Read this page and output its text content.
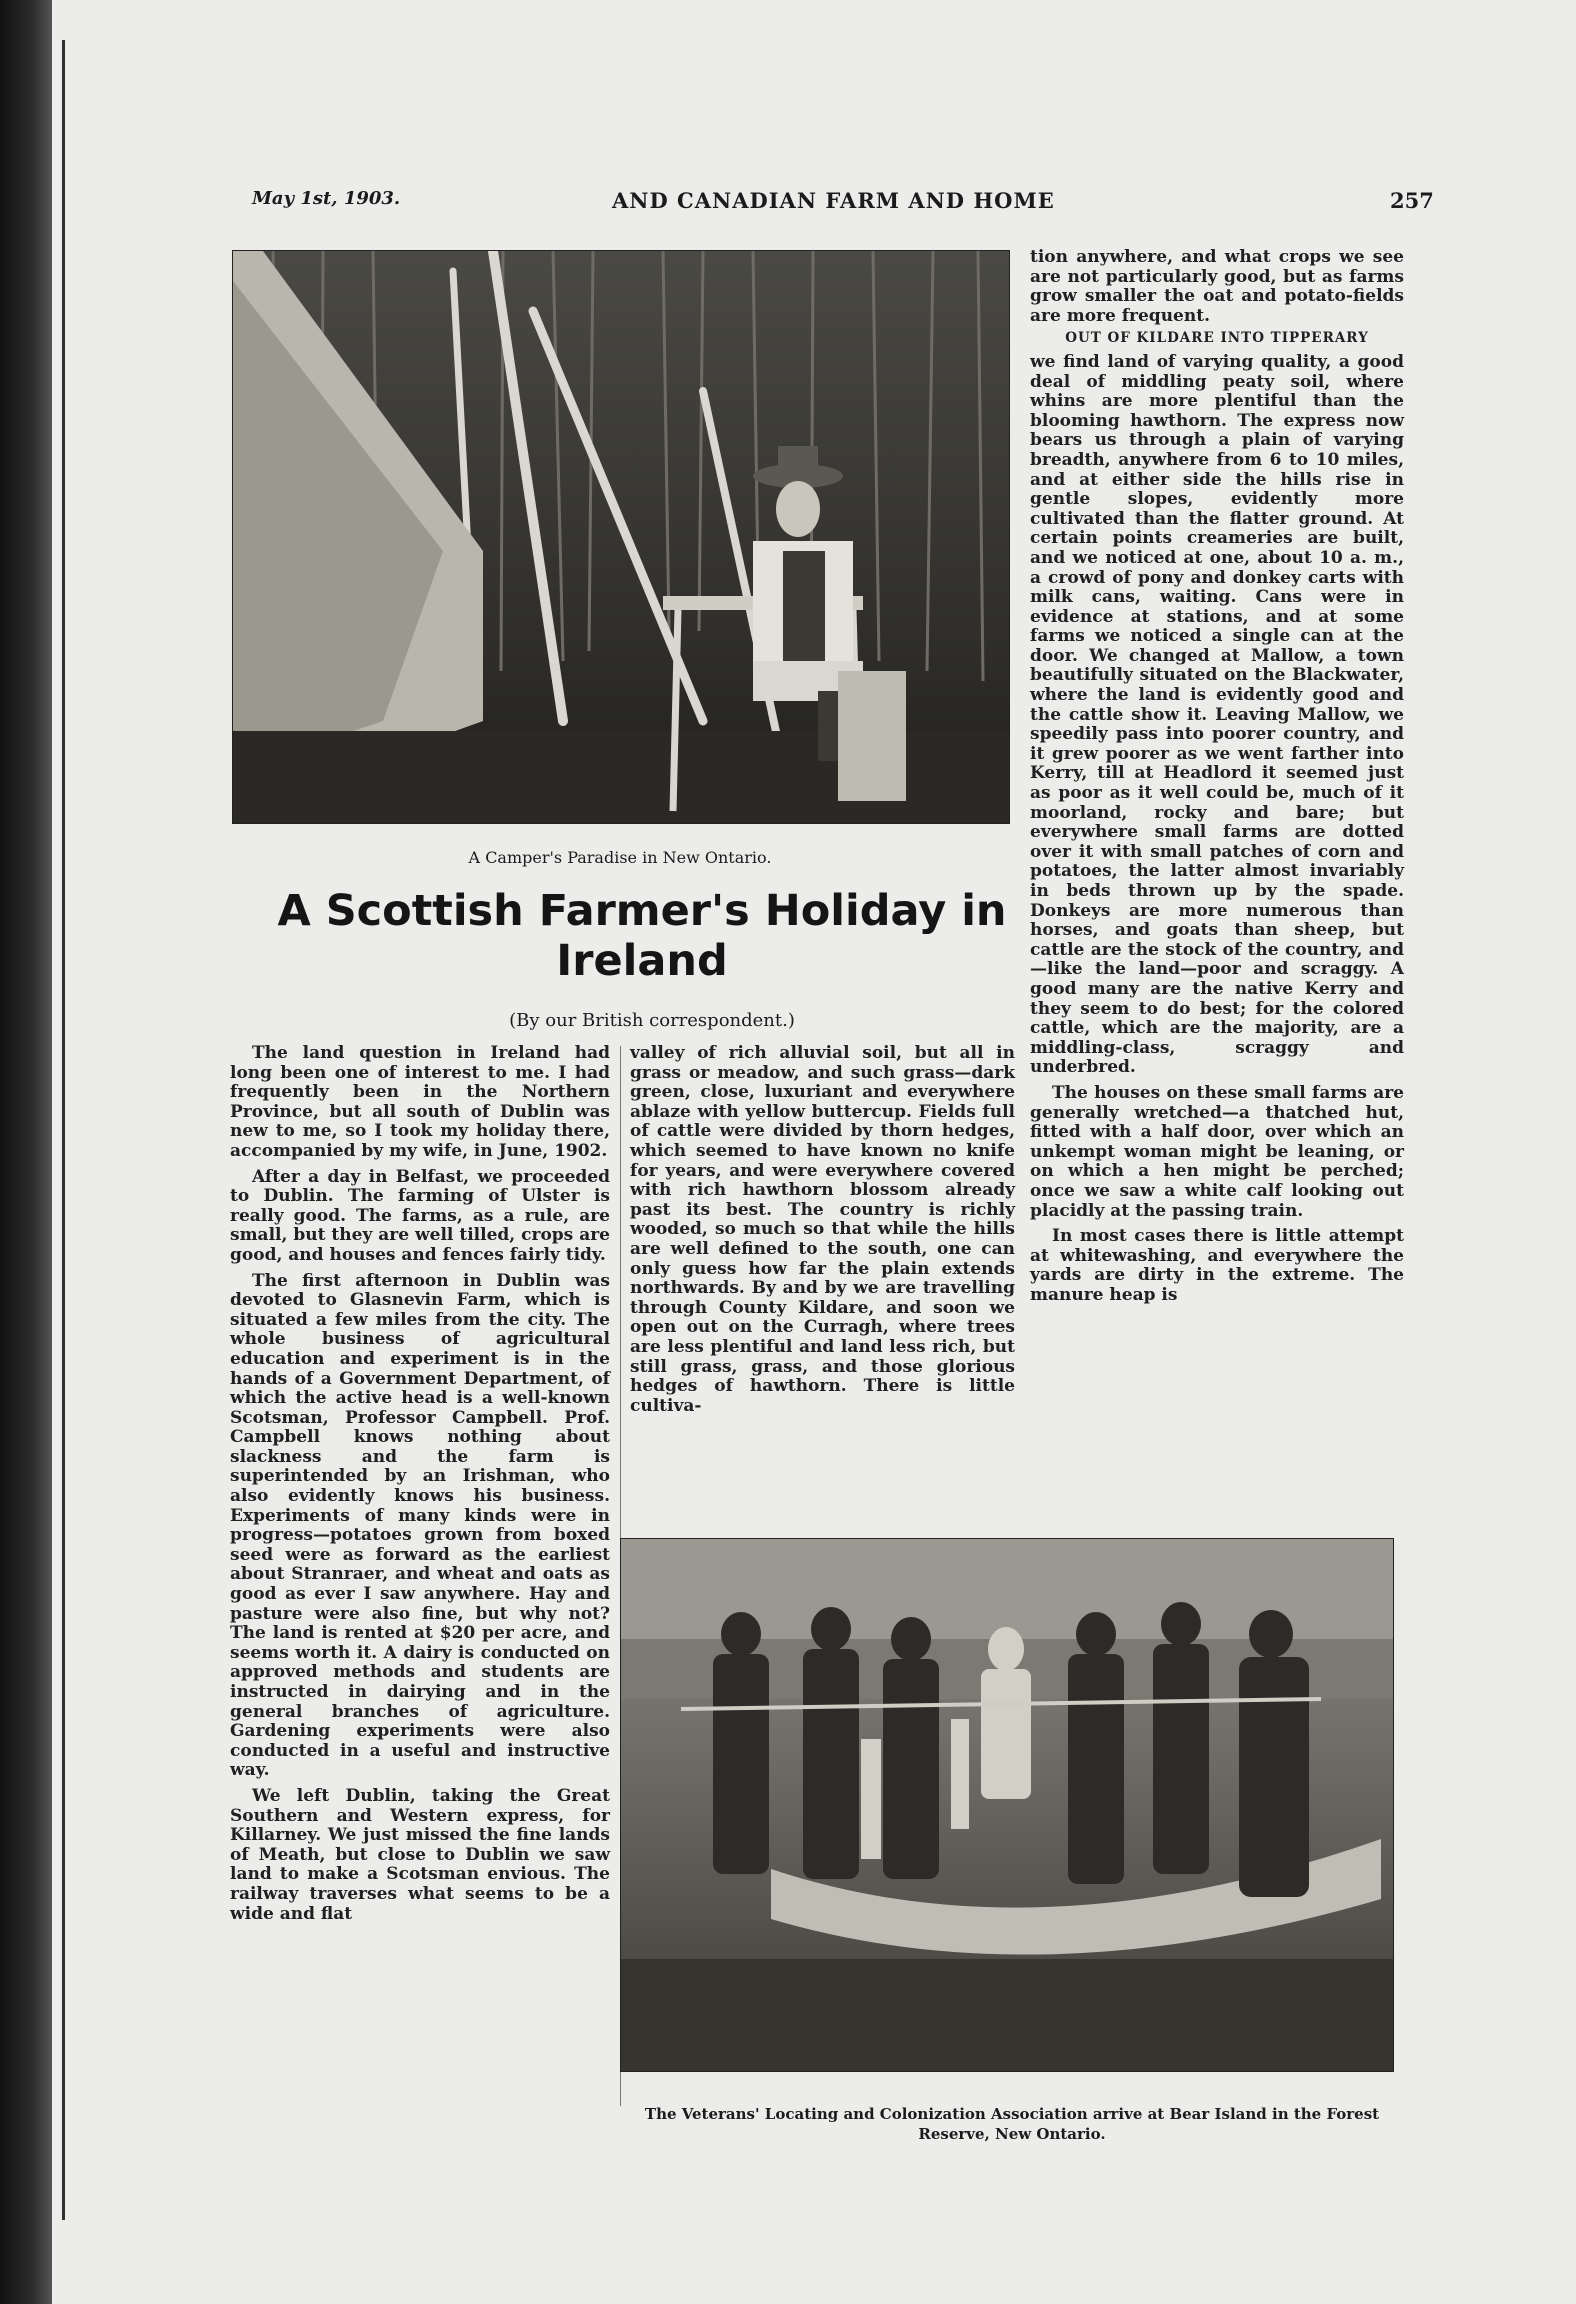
May 1st, 1903.	AND CANADIAN FARM AND HOME	257
A Camper's Paradise in New Ontario.
A Scottish Farmer's Holiday in Ireland
(By our British correspondent.)

The land question in Ireland had long been one of interest to me. I had frequently been in the Northern Province, but all south of Dublin was new to me, so I took my holiday there, accompanied by my wife, in June, 1902.

After a day in Belfast, we proceeded to Dublin. The farming of Ulster is really good. The farms, as a rule, are small, but they are well tilled, crops are good, and houses and fences fairly tidy.

The first afternoon in Dublin was devoted to Glasnevin Farm, which is situated a few miles from the city. The whole business of agricultural education and experiment is in the hands of a Government Department, of which the active head is a well-known Scotsman, Professor Campbell. Prof. Campbell knows nothing about slackness and the farm is superintended by an Irishman, who also evidently knows his business. Experiments of many kinds were in progress—potatoes grown from boxed seed were as forward as the earliest about Stranraer, and wheat and oats as good as ever I saw anywhere. Hay and pasture were also fine, but why not? The land is rented at $20 per acre, and seems worth it. A dairy is conducted on approved methods and students are instructed in dairying and in the general branches of agriculture. Gardening experiments were also conducted in a useful and instructive way.

We left Dublin, taking the Great Southern and Western express, for Killarney. We just missed the fine lands of Meath, but close to Dublin we saw land to make a Scotsman envious. The railway traverses what seems to be a wide and flat

valley of rich alluvial soil, but all in grass or meadow, and such grass—dark green, close, luxuriant and everywhere ablaze with yellow buttercup. Fields full of cattle were divided by thorn hedges, which seemed to have known no knife for years, and were everywhere covered with rich hawthorn blossom already past its best. The country is richly wooded, so much so that while the hills are well defined to the south, one can only guess how far the plain extends northwards. By and by we are travelling through County Kildare, and soon we open out on the Curragh, where trees are less plentiful and land less rich, but still grass, grass, and those glorious hedges of hawthorn. There is little cultiva-

tion anywhere, and what crops we see are not particularly good, but as farms grow smaller the oat and potato-fields are more frequent.

OUT OF KILDARE INTO TIPPERARY

we find land of varying quality, a good deal of middling peaty soil, where whins are more plentiful than the blooming hawthorn. The express now bears us through a plain of varying breadth, anywhere from 6 to 10 miles, and at either side the hills rise in gentle slopes, evidently more cultivated than the flatter ground. At certain points creameries are built, and we noticed at one, about 10 a. m., a crowd of pony and donkey carts with milk cans, waiting. Cans were in evidence at stations, and at some farms we noticed a single can at the door. We changed at Mallow, a town beautifully situated on the Blackwater, where the land is evidently good and the cattle show it. Leaving Mallow, we speedily pass into poorer country, and it grew poorer as we went farther into Kerry, till at Headlord it seemed just as poor as it well could be, much of it moorland, rocky and bare; but everywhere small farms are dotted over it with small patches of corn and potatoes, the latter almost invariably in beds thrown up by the spade. Donkeys are more numerous than horses, and goats than sheep, but cattle are the stock of the country, and—like the land—poor and scraggy. A good many are the native Kerry and they seem to do best; for the colored cattle, which are the majority, are a middling-class, scraggy and underbred.

The houses on these small farms are generally wretched—a thatched hut, fitted with a half door, over which an unkempt woman might be leaning, or on which a hen might be perched; once we saw a white calf looking out placidly at the passing train.

In most cases there is little attempt at whitewashing, and everywhere the yards are dirty in the extreme. The manure heap is

The Veterans' Locating and Colonization Association arrive at Bear Island in the Forest Reserve, New Ontario.
